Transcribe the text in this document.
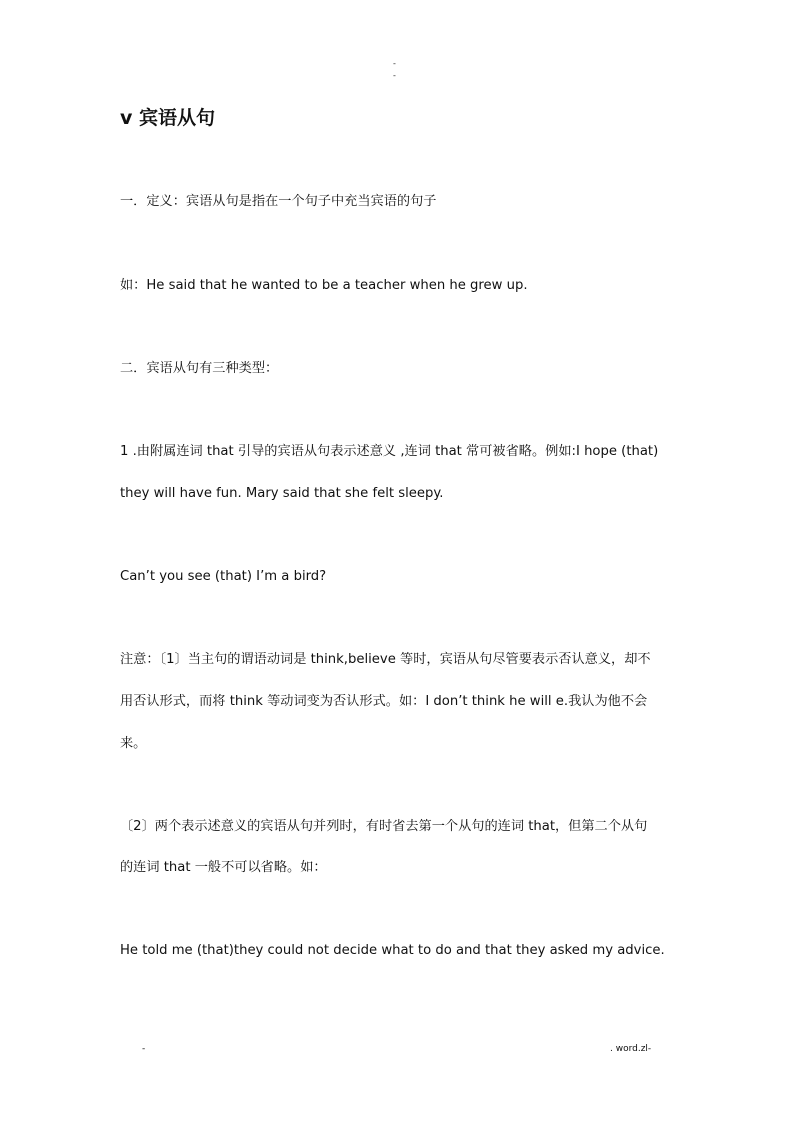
-
-
v 宾语从句
一．定义：宾语从句是指在一个句子中充当宾语的句子
如：He said that he wanted to be a teacher when he grew up.
二．宾语从句有三种类型：
1 .由附属连词 that 引导的宾语从句表示述意义 ,连词 that 常可被省略。例如:I hope (that)
they will have fun. Mary said that she felt sleepy.
Can’t you see (that) I’m a bird?
注意：〔1〕当主句的谓语动词是 think,believe 等时，宾语从句尽管要表示否认意义，却不
用否认形式，而将 think 等动词变为否认形式。如：I don’t think he will e.我认为他不会
来。
〔2〕两个表示述意义的宾语从句并列时，有时省去第一个从句的连词 that，但第二个从句
的连词 that 一般不可以省略。如：
He told me (that)they could not decide what to do and that they asked my advice.
-	. word.zl-
